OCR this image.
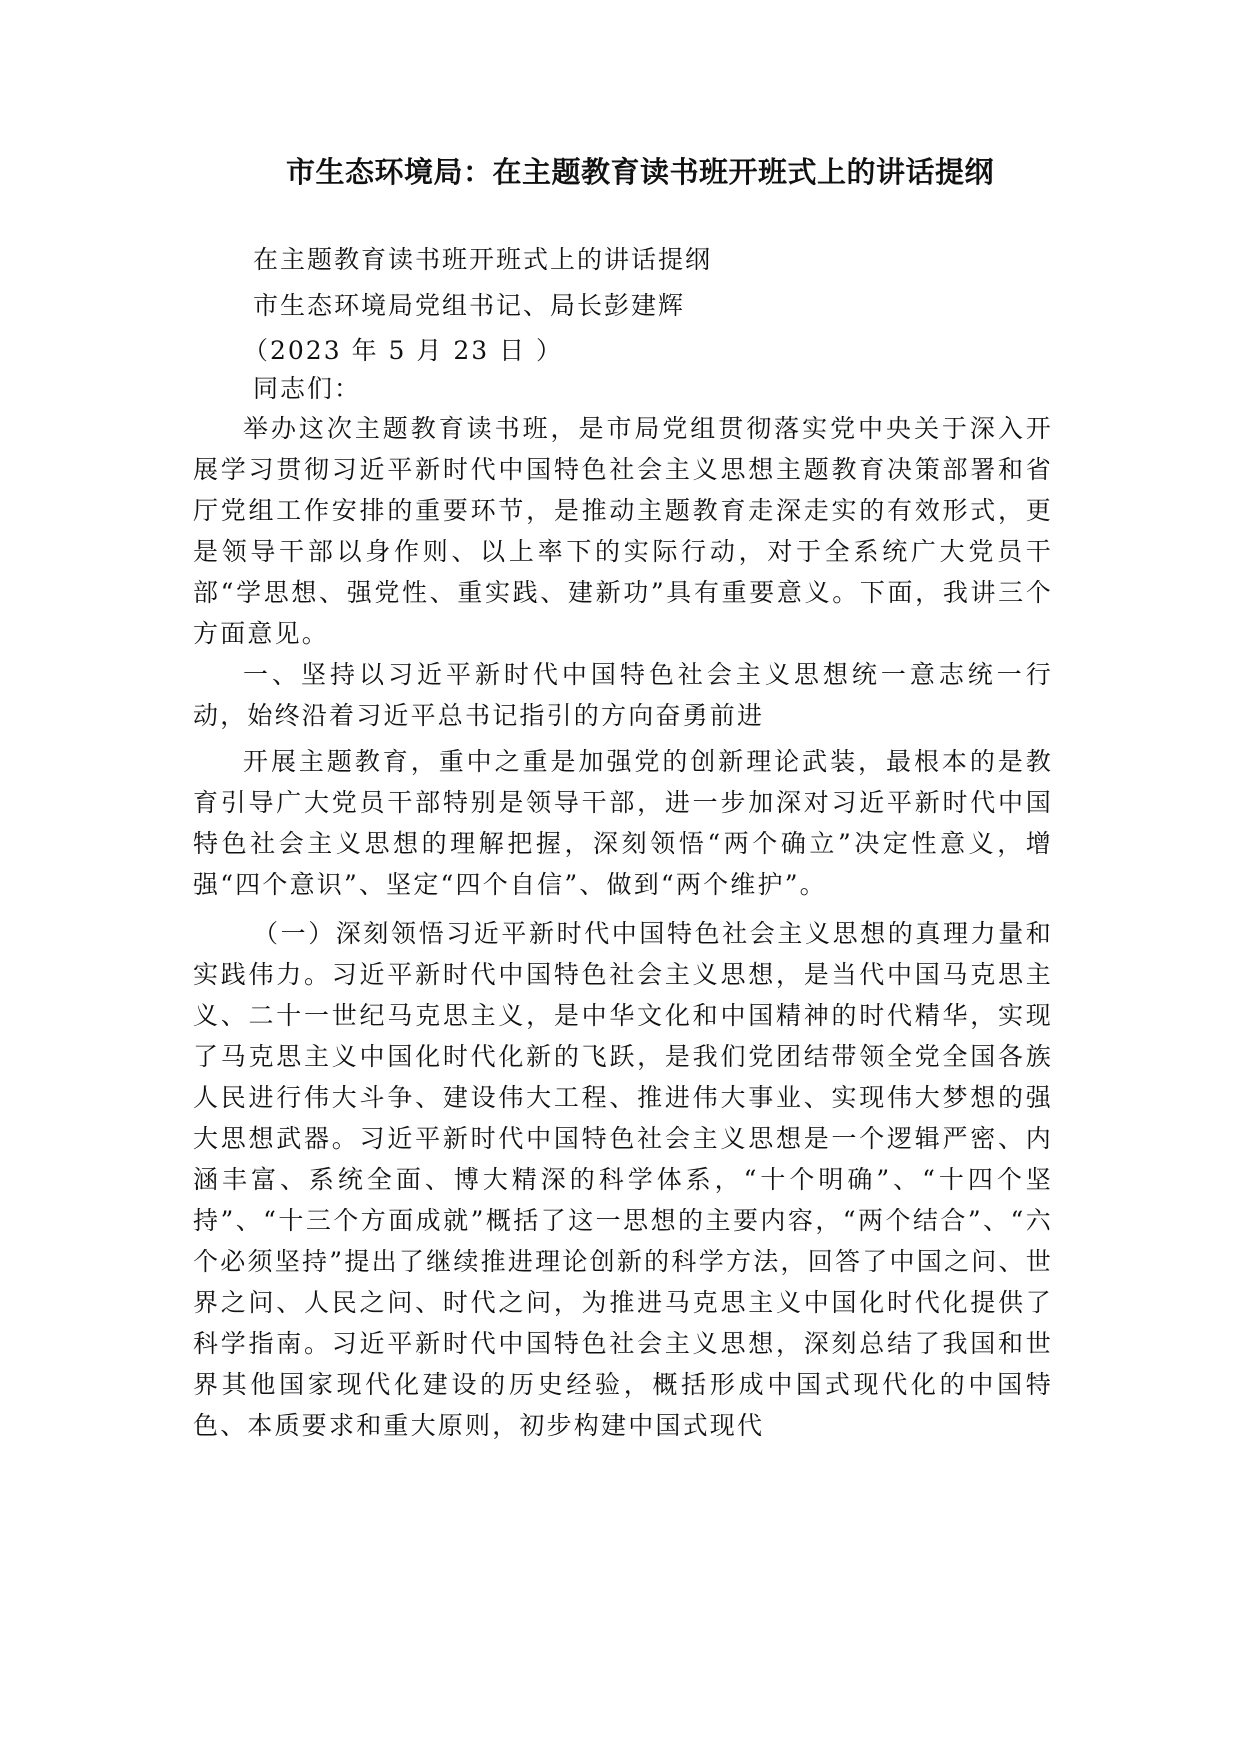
市生态环境局：在主题教育读书班开班式上的讲话提纲
在主题教育读书班开班式上的讲话提纲
市生态环境局党组书记、局长彭建辉
（2023 年 5 月 23 日 ）
同志们：

举办这次主题教育读书班，是市局党组贯彻落实党中央关于深入开展学习贯彻习近平新时代中国特色社会主义思想主题教育决策部署和省厅党组工作安排的重要环节，是推动主题教育走深走实的有效形式，更是领导干部以身作则、以上率下的实际行动，对于全系统广大党员干部“学思想、强党性、重实践、建新功”具有重要意义。下面，我讲三个方面意见。

一、坚持以习近平新时代中国特色社会主义思想统一意志统一行动，始终沿着习近平总书记指引的方向奋勇前进

开展主题教育，重中之重是加强党的创新理论武装，最根本的是教育引导广大党员干部特别是领导干部，进一步加深对习近平新时代中国特色社会主义思想的理解把握，深刻领悟“两个确立”决定性意义，增强“四个意识”、坚定“四个自信”、做到“两个维护”。

（一）深刻领悟习近平新时代中国特色社会主义思想的真理力量和实践伟力。习近平新时代中国特色社会主义思想，是当代中国马克思主义、二十一世纪马克思主义，是中华文化和中国精神的时代精华，实现了马克思主义中国化时代化新的飞跃，是我们党团结带领全党全国各族人民进行伟大斗争、建设伟大工程、推进伟大事业、实现伟大梦想的强大思想武器。习近平新时代中国特色社会主义思想是一个逻辑严密、内涵丰富、系统全面、博大精深的科学体系，“十个明确”、“十四个坚持”、“十三个方面成就”概括了这一思想的主要内容，“两个结合”、“六个必须坚持”提出了继续推进理论创新的科学方法，回答了中国之问、世界之问、人民之问、时代之问，为推进马克思主义中国化时代化提供了科学指南。习近平新时代中国特色社会主义思想，深刻总结了我国和世界其他国家现代化建设的历史经验，概括形成中国式现代化的中国特色、本质要求和重大原则，初步构建中国式现代
